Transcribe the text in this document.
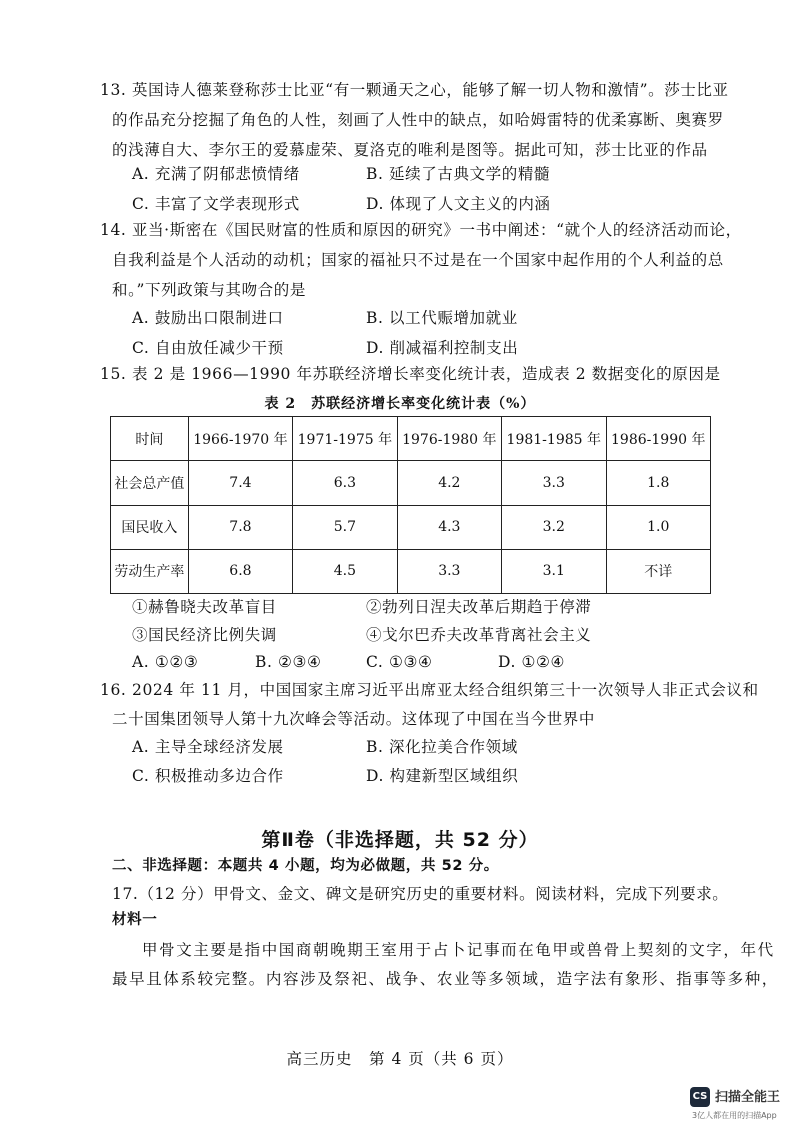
13. 英国诗人德莱登称莎士比亚“有一颗通天之心，能够了解一切人物和激情”。莎士比亚
的作品充分挖掘了角色的人性，刻画了人性中的缺点，如哈姆雷特的优柔寡断、奥赛罗
的浅薄自大、李尔王的爱慕虚荣、夏洛克的唯利是图等。据此可知，莎士比亚的作品
A. 充满了阴郁悲愤情绪	B. 延续了古典文学的精髓
C. 丰富了文学表现形式	D. 体现了人文主义的内涵
14. 亚当·斯密在《国民财富的性质和原因的研究》一书中阐述：“就个人的经济活动而论，
自我利益是个人活动的动机；国家的福祉只不过是在一个国家中起作用的个人利益的总
和。”下列政策与其吻合的是
A. 鼓励出口限制进口	B. 以工代赈增加就业
C. 自由放任减少干预	D. 削减福利控制支出
15. 表 2 是 1966—1990 年苏联经济增长率变化统计表，造成表 2 数据变化的原因是
表 2　苏联经济增长率变化统计表（%）
时间	1966-1970 年	1971-1975 年	1976-1980 年	1981-1985 年	1986-1990 年
社会总产值	7.4	6.3	4.2	3.3	1.8
国民收入	7.8	5.7	4.3	3.2	1.0
劳动生产率	6.8	4.5	3.3	3.1	不详
①赫鲁晓夫改革盲目	②勃列日涅夫改革后期趋于停滞
③国民经济比例失调	④戈尔巴乔夫改革背离社会主义
A. ①②③	B. ②③④	C. ①③④	D. ①②④
16. 2024 年 11 月，中国国家主席习近平出席亚太经合组织第三十一次领导人非正式会议和
二十国集团领导人第十九次峰会等活动。这体现了中国在当今世界中
A. 主导全球经济发展	B. 深化拉美合作领域
C. 积极推动多边合作	D. 构建新型区域组织
第Ⅱ卷（非选择题，共 52 分）
二、非选择题：本题共 4 小题，均为必做题，共 52 分。
17.（12 分）甲骨文、金文、碑文是研究历史的重要材料。阅读材料，完成下列要求。
材料一
甲骨文主要是指中国商朝晚期王室用于占卜记事而在龟甲或兽骨上契刻的文字，年代
最早且体系较完整。内容涉及祭祀、战争、农业等多领域，造字法有象形、指事等多种，
高三历史　第 4 页（共 6 页）
CS 扫描全能王
3亿人都在用的扫描App
